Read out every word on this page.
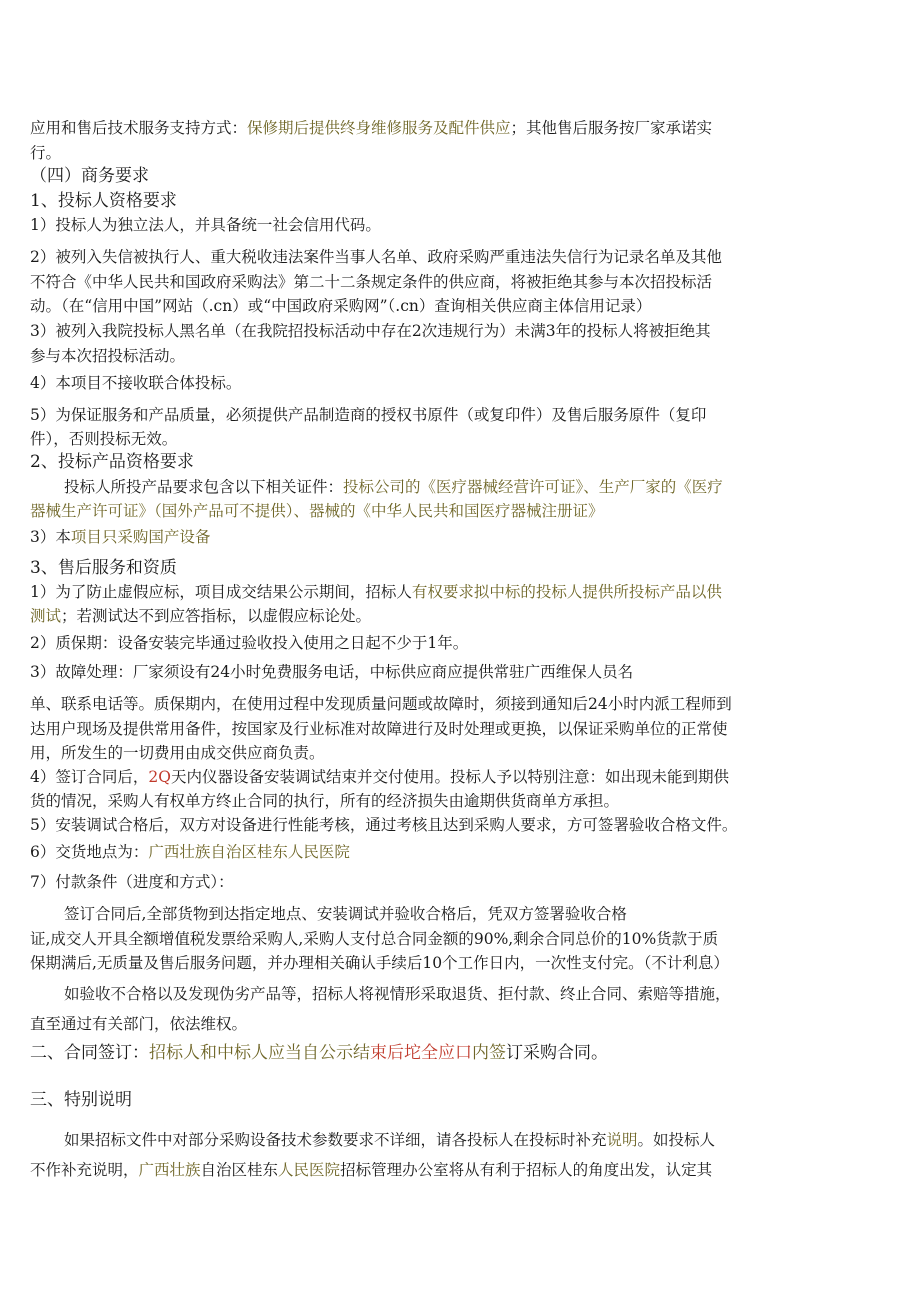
应用和售后技术服务支持方式：保修期后提供终身维修服务及配件供应；其他售后服务按厂家承诺实
行。
（四）商务要求
1、投标人资格要求
1）投标人为独立法人，并具备统一社会信用代码。
2）被列入失信被执行人、重大税收违法案件当事人名单、政府采购严重违法失信行为记录名单及其他
不符合《中华人民共和国政府采购法》第二十二条规定条件的供应商，将被拒绝其参与本次招投标活
动。（在“信用中国”网站（.cn）或“中国政府采购网”（.cn）查询相关供应商主体信用记录）
3）被列入我院投标人黑名单（在我院招投标活动中存在2次违规行为）未满3年的投标人将被拒绝其
参与本次招投标活动。
4）本项目不接收联合体投标。
5）为保证服务和产品质量，必须提供产品制造商的授权书原件（或复印件）及售后服务原件（复印
件），否则投标无效。
2、投标产品资格要求
投标人所投产品要求包含以下相关证件：投标公司的《医疗器械经营许可证》、生产厂家的《医疗
器械生产许可证》（国外产品可不提供）、器械的《中华人民共和国医疗器械注册证》
3）本项目只采购国产设备
3、售后服务和资质
1）为了防止虚假应标，项目成交结果公示期间，招标人有权要求拟中标的投标人提供所投标产品以供
测试；若测试达不到应答指标，以虚假应标论处。
2）质保期：设备安装完毕通过验收投入使用之日起不少于1年。
3）故障处理：厂家须设有24小时免费服务电话，中标供应商应提供常驻广西维保人员名
单、联系电话等。质保期内，在使用过程中发现质量问题或故障时，须接到通知后24小时内派工程师到
达用户现场及提供常用备件，按国家及行业标准对故障进行及时处理或更换，以保证采购单位的正常使
用，所发生的一切费用由成交供应商负责。
4）签订合同后，2Q天内仪器设备安装调试结束并交付使用。投标人予以特别注意：如出现未能到期供
货的情况，采购人有权单方终止合同的执行，所有的经济损失由逾期供货商单方承担。
5）安装调试合格后，双方对设备进行性能考核，通过考核且达到采购人要求，方可签署验收合格文件。
6）交货地点为：广西壮族自治区桂东人民医院
7）付款条件（进度和方式）：
签订合同后,全部货物到达指定地点、安装调试并验收合格后，凭双方签署验收合格
证,成交人开具全额增值税发票给采购人,采购人支付总合同金额的90%,剩余合同总价的10%货款于质
保期满后,无质量及售后服务问题，并办理相关确认手续后10个工作日内，一次性支付完。（不计利息）
如验收不合格以及发现伪劣产品等，招标人将视情形采取退货、拒付款、终止合同、索赔等措施，
直至通过有关部门，依法维权。
二、合同签订：招标人和中标人应当自公示结束后坨全应口内签订采购合同。
三、特别说明
如果招标文件中对部分采购设备技术参数要求不详细，请各投标人在投标时补充说明。如投标人
不作补充说明，广西壮族自治区桂东人民医院招标管理办公室将从有利于招标人的角度出发，认定其
